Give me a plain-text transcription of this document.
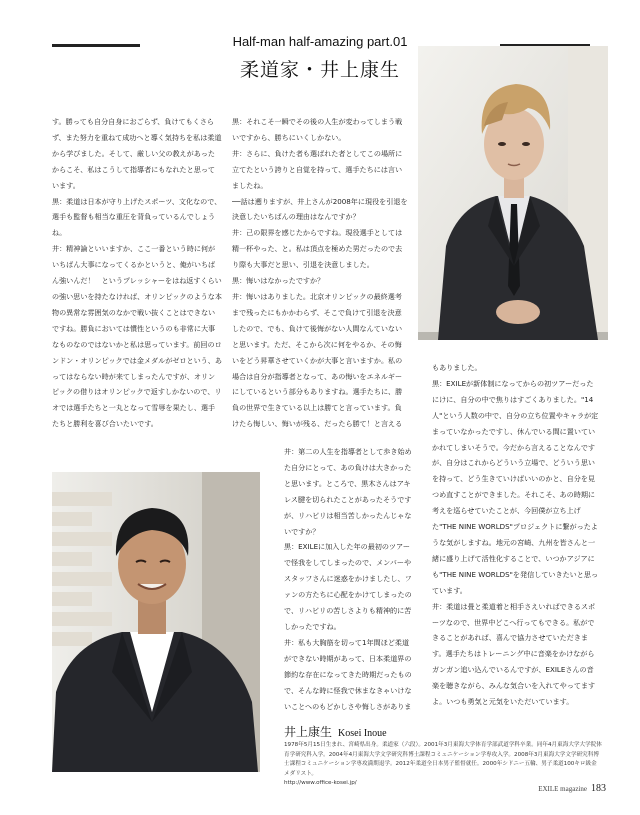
Half-man half-amazing part.01
柔道家・井上康生

す。勝っても自分自身におごらず、負けてもくさらず、また努力を重ねて成功へと導く気持ちを私は柔道から学びました。そして、厳しい父の教えがあったからこそ、私はこうして指導者にもなれたと思っています。

黒：柔道は日本が守り上げたスポーツ、文化なので、選手も監督も相当な重圧を背負っているんでしょうね。

井：精神論といいますか、ここ一番という時に何がいちばん大事になってくるかというと、俺がいちばん強いんだ！　というプレッシャーをはね返すくらいの強い思いを持たなければ、オリンピックのような本物の異常な雰囲気のなかで戦い抜くことはできないですね。勝負においては慣性というのも非常に大事なものなのではないかと私は思っています。前回のロンドン・オリンピックでは金メダルがゼロという、あってはならない時が来てしまったんですが、オリンピックの借りはオリンピックで返すしかないので、リオでは選手たちと一丸となって雪辱を果たし、選手たちと勝利を喜び合いたいです。

黒：それこそ一瞬でその後の人生が変わってしまう戦いですから、勝ちにいくしかない。

井：さらに、負けた者も選ばれた者としてこの場所に立てたという誇りと自覚を持って、選手たちには言いましたね。

──話は遡りますが、井上さんが2008年に現役を引退を決意したいちばんの理由はなんですか？

井：己の限界を感じたからですね。現役選手としては精一杯やった、と。私は頂点を極めた男だったので去り際も大事だと思い、引退を決意しました。

黒：悔いはなかったですか？

井：悔いはありました。北京オリンピックの最終選考まで残ったにもかかわらず、そこで負けて引退を決意したので、でも、負けて後悔がない人間なんていないと思います。ただ、そこから次に何をやるか、その悔いをどう昇華させていくかが大事と言いますか。私の場合は自分が指導者となって、あの悔いをエネルギーにしているという部分もありますね。選手たちに、勝負の世界で生きている以上は勝てと言っています。負けたら悔しい、悔いが残る、だったら勝て！と言える

井：第二の人生を指導者として歩き始めた自分にとって、あの負けは大きかったと思います。ところで、黒木さんはアキレス腱を切られたことがあったそうですが、リハビリは相当苦しかったんじゃないですか？

黒：EXILEに加入した年の最初のツアーで怪我をしてしまったので、メンバーやスタッフさんに迷惑をかけましたし、ファンの方たちに心配をかけてしまったので、リハビリの苦しさよりも精神的に苦しかったですね。

井：私も大胸筋を切って1年間ほど柔道ができない時期があって、日本柔道界の節約な存在になってきた時期だったもので、そんな時に怪我で休まなきゃいけないことへのもどかしさや悔しさがありま

もありました。

黒：EXILEが新体制になってからの初ツアーだったにけに、自分の中で焦りはすごくありました。"14人"という人数の中で、自分の立ち位置やキャラが定まっていなかったですし、休んでいる間に置いていかれてしまいそうで。今だから言えることなんですが、自分はこれからどういう立場で、どういう思いを持って、どう生きていけばいいのかと、自分を見つめ直すことができました。それこそ、あの時期に考えを巡らせていたことが、今回僕が立ち上げた"THE NINE WORLDS"プロジェクトに繋がったような気がしますね。地元の宮崎、九州を皆さんと一緒に盛り上げて活性化することで、いつかアジアにも"THE NINE WORLDS"を発信していきたいと思っています。

井：柔道は畳と柔道着と相手さえいればできるスポーツなので、世界中どこへ行ってもできる。私ができることがあれば、喜んで協力させていただきます。選手たちはトレーニング中に音楽をかけながらガンガン追い込んでいるんですが、EXILEさんの音楽を聴きながら、みんな気合いを入れてやってますよ。いつも勇気と元気をいただいています。

井上康生 Kosei Inoue
1978年5月15日生まれ、宮崎県出身。柔道家（六段）。2001年3月東海大学体育学部武道学科卒業。同年4月東海大学大学院体育学研究科入学。2004年4月東海大学文学研究科博士課程コミュニケーション学専攻入学。2008年3月東海大学文学研究科博士課程コミュニケーション学専攻満期退学。2012年柔道全日本男子監督就任。2000年シドニー五輪、男子柔道100キロ級金メダリスト。
http://www.office-kosei.jp/
EXILE magazine 183
